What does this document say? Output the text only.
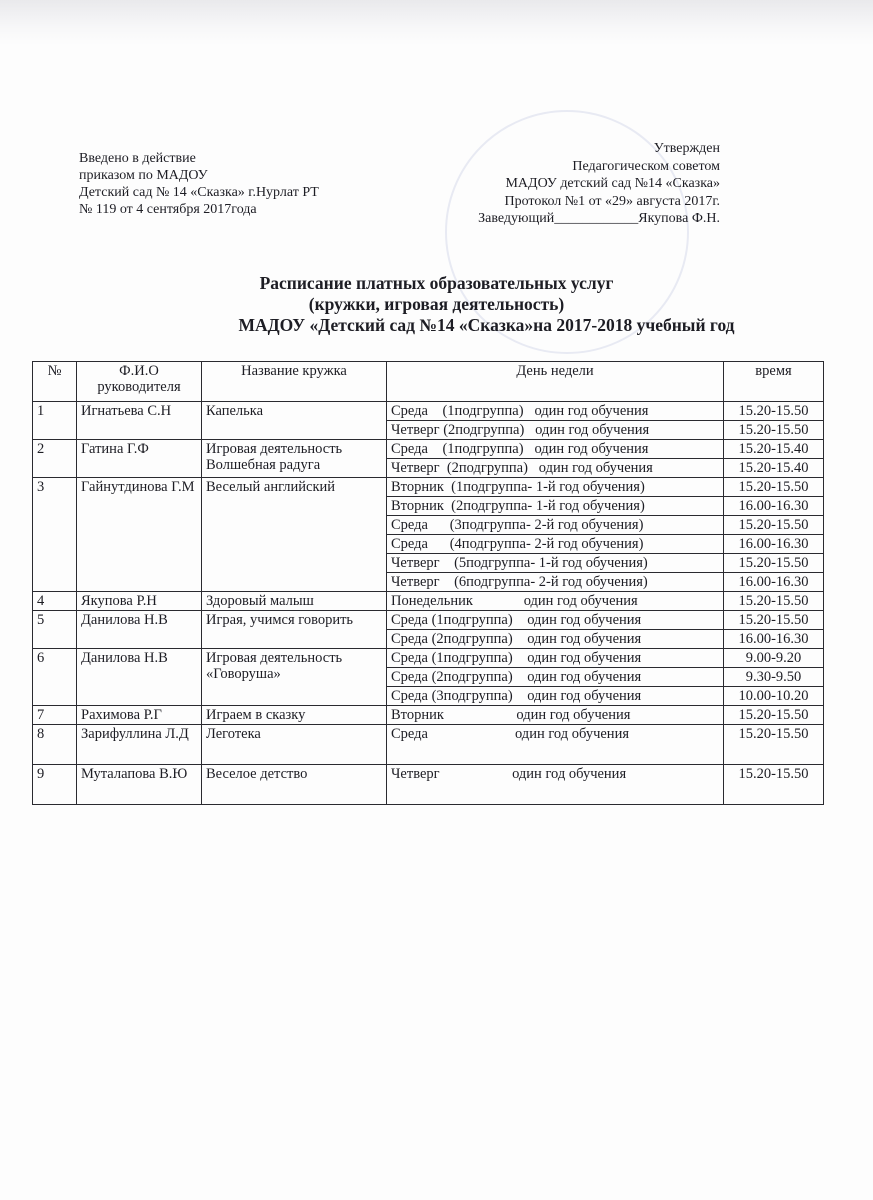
Введено в действие
приказом по МАДОУ
Детский сад № 14 «Сказка» г.Нурлат РТ
№ 119 от 4 сентября 2017года
Утвержден
Педагогическом советом
МАДОУ детский сад №14 «Сказка»
Протокол №1 от «29» августа 2017г.
Заведующий____________Якупова Ф.Н.
Расписание платных образовательных услуг
(кружки, игровая деятельность)
МАДОУ «Детский сад №14 «Сказка»на 2017-2018 учебный год
№	Ф.И.О руководителя	Название кружка	День недели	время
1	Игнатьева С.Н	Капелька	Среда    (1подгруппа)   один год обучения	15.20-15.50
			Четверг (2подгруппа)   один год обучения	15.20-15.50
2	Гатина Г.Ф	Игровая деятельность Волшебная радуга	Среда    (1подгруппа)   один год обучения	15.20-15.40
			Четверг  (2подгруппа)   один год обучения	15.20-15.40
3	Гайнутдинова Г.М	Веселый английский	Вторник  (1подгруппа- 1-й год обучения)	15.20-15.50
			Вторник  (2подгруппа- 1-й год обучения)	16.00-16.30
			Среда      (3подгруппа- 2-й год обучения)	15.20-15.50
			Среда      (4подгруппа- 2-й год обучения)	16.00-16.30
			Четверг    (5подгруппа- 1-й год обучения)	15.20-15.50
			Четверг    (6подгруппа- 2-й год обучения)	16.00-16.30
4	Якупова Р.Н	Здоровый малыш	Понедельник              один год обучения	15.20-15.50
5	Данилова Н.В	Играя, учимся говорить	Среда (1подгруппа)    один год обучения	15.20-15.50
			Среда (2подгруппа)    один год обучения	16.00-16.30
6	Данилова Н.В	Игровая деятельность «Говоруша»	Среда (1подгруппа)    один год обучения	9.00-9.20
			Среда (2подгруппа)    один год обучения	9.30-9.50
			Среда (3подгруппа)    один год обучения	10.00-10.20
7	Рахимова Р.Г	Играем в сказку	Вторник                    один год обучения	15.20-15.50
8	Зарифуллина Л.Д	Леготека	Среда                        один год обучения	15.20-15.50
9	Муталапова В.Ю	Веселое детство	Четверг                    один год обучения	15.20-15.50
